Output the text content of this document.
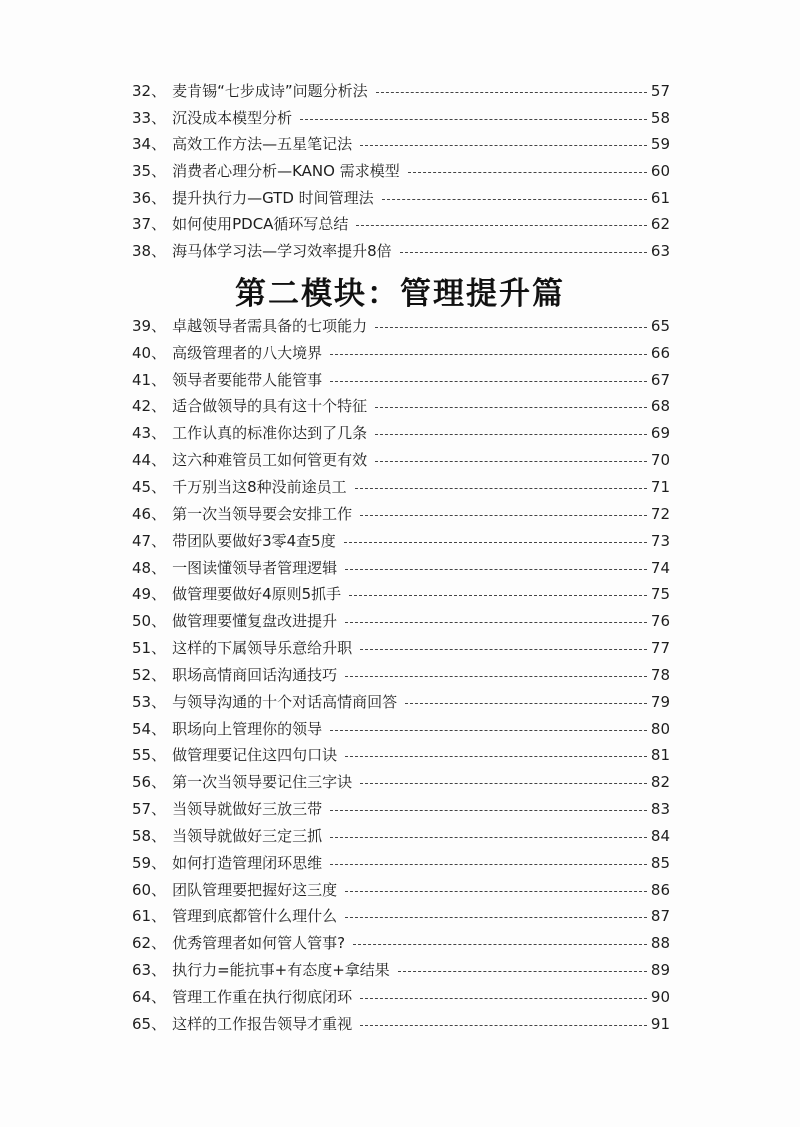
32、 麦肯锡“七步成诗”问题分析法	57
33、 沉没成本模型分析	58
34、 高效工作方法—五星笔记法	59
35、 消费者心理分析—KANO 需求模型	60
36、 提升执行力—GTD 时间管理法	61
37、 如何使用PDCA循环写总结	62
38、 海马体学习法—学习效率提升8倍	63
第二模块：管理提升篇
39、 卓越领导者需具备的七项能力	65
40、 高级管理者的八大境界	66
41、 领导者要能带人能管事	67
42、 适合做领导的具有这十个特征	68
43、 工作认真的标准你达到了几条	69
44、 这六种难管员工如何管更有效	70
45、 千万别当这8种没前途员工	71
46、 第一次当领导要会安排工作	72
47、 带团队要做好3零4查5度	73
48、 一图读懂领导者管理逻辑	74
49、 做管理要做好4原则5抓手	75
50、 做管理要懂复盘改进提升	76
51、 这样的下属领导乐意给升职	77
52、 职场高情商回话沟通技巧	78
53、 与领导沟通的十个对话高情商回答	79
54、 职场向上管理你的领导	80
55、 做管理要记住这四句口诀	81
56、 第一次当领导要记住三字诀	82
57、 当领导就做好三放三带	83
58、 当领导就做好三定三抓	84
59、 如何打造管理闭环思维	85
60、 团队管理要把握好这三度	86
61、 管理到底都管什么理什么	87
62、 优秀管理者如何管人管事?	88
63、 执行力=能抗事+有态度+拿结果	89
64、 管理工作重在执行彻底闭环	90
65、 这样的工作报告领导才重视	91
